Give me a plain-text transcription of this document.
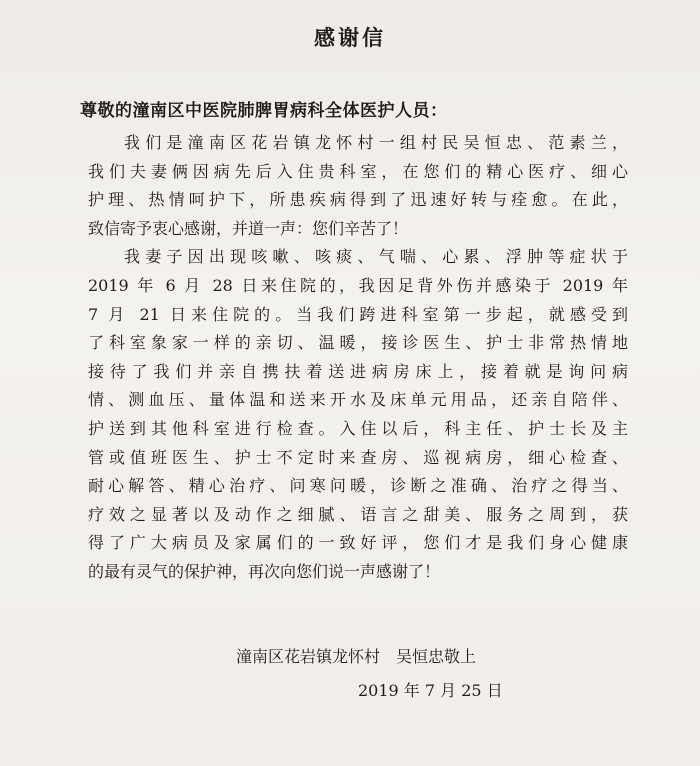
感谢信
尊敬的潼南区中医院肺脾胃病科全体医护人员：
我们是潼南区花岩镇龙怀村一组村民吴恒忠、范素兰，
我们夫妻俩因病先后入住贵科室，在您们的精心医疗、细心
护理、热情呵护下，所患疾病得到了迅速好转与痊愈。在此，
致信寄予衷心感谢，并道一声：您们辛苦了！
我妻子因出现咳嗽、咳痰、气喘、心累、浮肿等症状于
2019 年 6 月 28 日来住院的，我因足背外伤并感染于 2019 年
7 月 21 日来住院的。当我们跨进科室第一步起，就感受到
了科室象家一样的亲切、温暖，接诊医生、护士非常热情地
接待了我们并亲自携扶着送进病房床上，接着就是询问病
情、测血压、量体温和送来开水及床单元用品，还亲自陪伴、
护送到其他科室进行检查。入住以后，科主任、护士长及主
管或值班医生、护士不定时来查房、巡视病房，细心检查、
耐心解答、精心治疗、问寒问暖，诊断之准确、治疗之得当、
疗效之显著以及动作之细腻、语言之甜美、服务之周到，获
得了广大病员及家属们的一致好评，您们才是我们身心健康
的最有灵气的保护神，再次向您们说一声感谢了！
潼南区花岩镇龙怀村 吴恒忠敬上
2019 年 7 月 25 日
